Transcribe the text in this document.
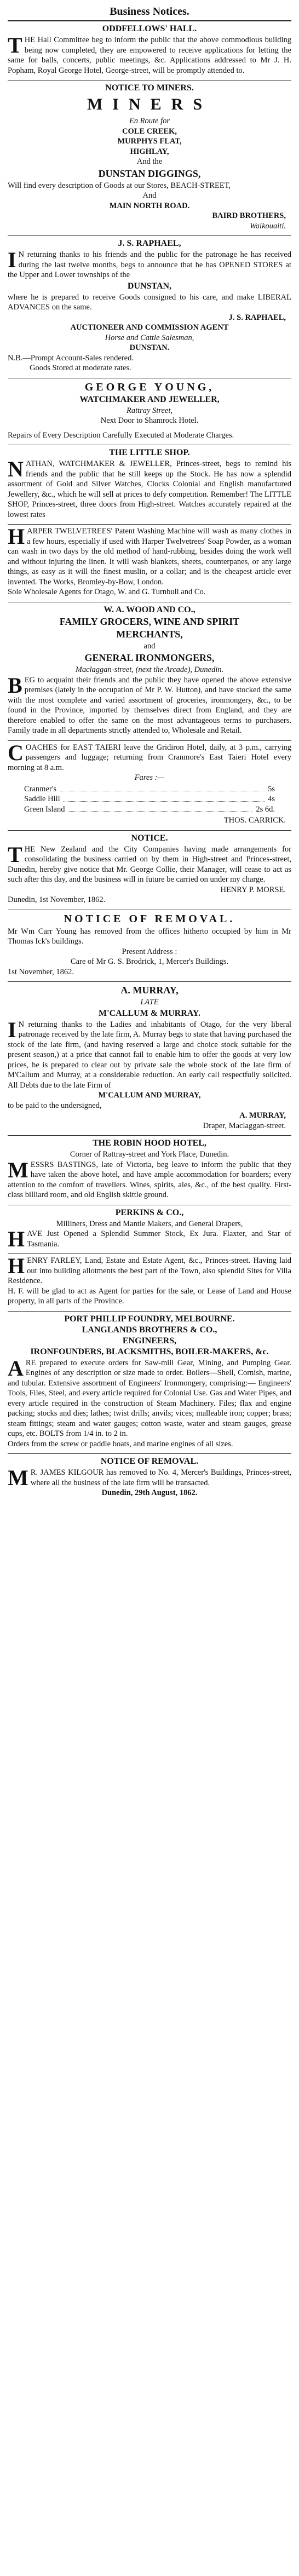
Business Notices.
ODDFELLOWS' HALL.
T HE Hall Committee beg to inform the public that the above commodious building being now completed, they are empowered to receive applications for letting the same for balls, concerts, public meetings, &c. Applications addressed to Mr J. H. Popham, Royal George Hotel, George-street, will be promptly attended to.

NOTICE TO MINERS.
MINERS
En Route for
COLE CREEK,
MURPHYS FLAT,
HIGHLAY,
And the
DUNSTAN DIGGINGS,

Will find every description of Goods at our Stores, BEACH-STREET,

And
MAIN NORTH ROAD.
BAIRD BROTHERS,
Waikouaiti.
J. S. RAPHAEL,
I N returning thanks to his friends and the public for the patronage he has received during the last twelve months, begs to announce that he has OPENED STORES at the Upper and Lower townships of the

DUNSTAN,

where he is prepared to receive Goods consigned to his care, and make LIBERAL ADVANCES on the same.

J. S. RAPHAEL,
AUCTIONEER AND COMMISSION AGENT
Horse and Cattle Salesman,
DUNSTAN.
N.B.—Prompt Account-Sales rendered.
Goods Stored at moderate rates.
GEORGE YOUNG,
WATCHMAKER AND JEWELLER,
Rattray Street,
Next Door to Shamrock Hotel.

Repairs of Every Description Carefully Executed at Moderate Charges.

THE LITTLE SHOP.
N ATHAN, WATCHMAKER & JEWELLER, Princes-street, begs to remind his friends and the public that he still keeps up the Stock. He has now a splendid assortment of Gold and Silver Watches, Clocks Colonial and English manufactured Jewellery, &c., which he will sell at prices to defy competition. Remember! The LITTLE SHOP, Princes-street, three doors from High-street. Watches accurately repaired at the lowest rates

H ARPER TWELVETREES' Patent Washing Machine will wash as many clothes in a few hours, especially if used with Harper Twelvetrees' Soap Powder, as a woman can wash in two days by the old method of hand-rubbing, besides doing the work well and without injuring the linen. It will wash blankets, sheets, counterpanes, or any large things, as easy as it will the finest muslin, or a collar; and is the cheapest article ever invented. The Works, Bromley-by-Bow, London.

Sole Wholesale Agents for Otago, W. and G. Turnbull and Co.

W. A. WOOD AND CO.,
FAMILY GROCERS, WINE AND SPIRIT
MERCHANTS,
and
GENERAL IRONMONGERS,
Maclaggan-street, (next the Arcade), Dunedin.
B EG to acquaint their friends and the public they have opened the above extensive premises (lately in the occupation of Mr P. W. Hutton), and have stocked the same with the most complete and varied assortment of groceries, ironmongery, &c., to be found in the Province, imported by themselves direct from England, and they are therefore enabled to offer the same on the most advantageous terms to purchasers. Family trade in all departments strictly attended to, Wholesale and Retail.

C OACHES for EAST TAIERI leave the Gridiron Hotel, daily, at 3 p.m., carrying passengers and luggage; returning from Cranmore's East Taieri Hotel every morning at 8 a.m.

Fares :—
Cranmer's	5s
Saddle Hill	4s
Green Island	2s 6d.
THOS. CARRICK.
NOTICE.
T HE New Zealand and the City Companies having made arrangements for consolidating the business carried on by them in High-street and Princes-street, Dunedin, hereby give notice that Mr. George Collie, their Manager, will cease to act as such after this day, and the business will in future be carried on under my charge.

HENRY P. MORSE.
Dunedin, 1st November, 1862.
NOTICE OF REMOVAL.

Mr Wm Carr Young has removed from the offices hitherto occupied by him in Mr Thomas Ick's buildings.

Present Address :
Care of Mr G. S. Brodrick, 1, Mercer's Buildings.
1st November, 1862.
A. MURRAY,
LATE
M'CALLUM & MURRAY.
I N returning thanks to the Ladies and inhabitants of Otago, for the very liberal patronage received by the late firm, A. Murray begs to state that having purchased the stock of the late firm, (and having reserved a large and choice stock suitable for the present season,) at a price that cannot fail to enable him to offer the goods at very low prices, he is prepared to clear out by private sale the whole stock of the late firm of M'Callum and Murray, at a considerable reduction. An early call respectfully solicited. All Debts due to the late Firm of

M'CALLUM AND MURRAY,

to be paid to the undersigned,

A. MURRAY,
Draper, Maclaggan-street.
THE ROBIN HOOD HOTEL,
Corner of Rattray-street and York Place, Dunedin.
M ESSRS BASTINGS, late of Victoria, beg leave to inform the public that they have taken the above hotel, and have ample accommodation for boarders; every attention to the comfort of travellers. Wines, spirits, ales, &c., of the best quality. First-class billiard room, and old English skittle ground.

PERKINS & CO.,
Milliners, Dress and Mantle Makers, and General Drapers,
H AVE Just Opened a Splendid Summer Stock, Ex Jura. Flaxter, and Star of Tasmania.

H ENRY FARLEY, Land, Estate and Estate Agent, &c., Princes-street. Having laid out into building allotments the best part of the Town, also splendid Sites for Villa Residence.

H. F. will be glad to act as Agent for parties for the sale, or Lease of Land and House property, in all parts of the Province.

PORT PHILLIP FOUNDRY, MELBOURNE.
LANGLANDS BROTHERS & CO.,
ENGINEERS,
IRONFOUNDERS, BLACKSMITHS, BOILER-MAKERS, &c.
A RE prepared to execute orders for Saw-mill Gear, Mining, and Pumping Gear. Engines of any description or size made to order. Boilers—Shell, Cornish, marine, and tubular. Extensive assortment of Engineers' Ironmongery, comprising:— Engineers' Tools, Files, Steel, and every article required for Colonial Use. Gas and Water Pipes, and every article required in the construction of Steam Machinery. Files; flax and engine packing; stocks and dies; lathes; twist drills; anvils; vices; malleable iron; copper; brass; steam fittings; steam and water gauges; cotton waste, water and steam gauges, grease cups, etc. BOLTS from 1/4 in. to 2 in.

Orders from the screw or paddle boats, and marine engines of all sizes.

NOTICE OF REMOVAL.
M R. JAMES KILGOUR has removed to No. 4, Mercer's Buildings, Princes-street, where all the business of the late firm will be transacted.

Dunedin, 29th August, 1862.
